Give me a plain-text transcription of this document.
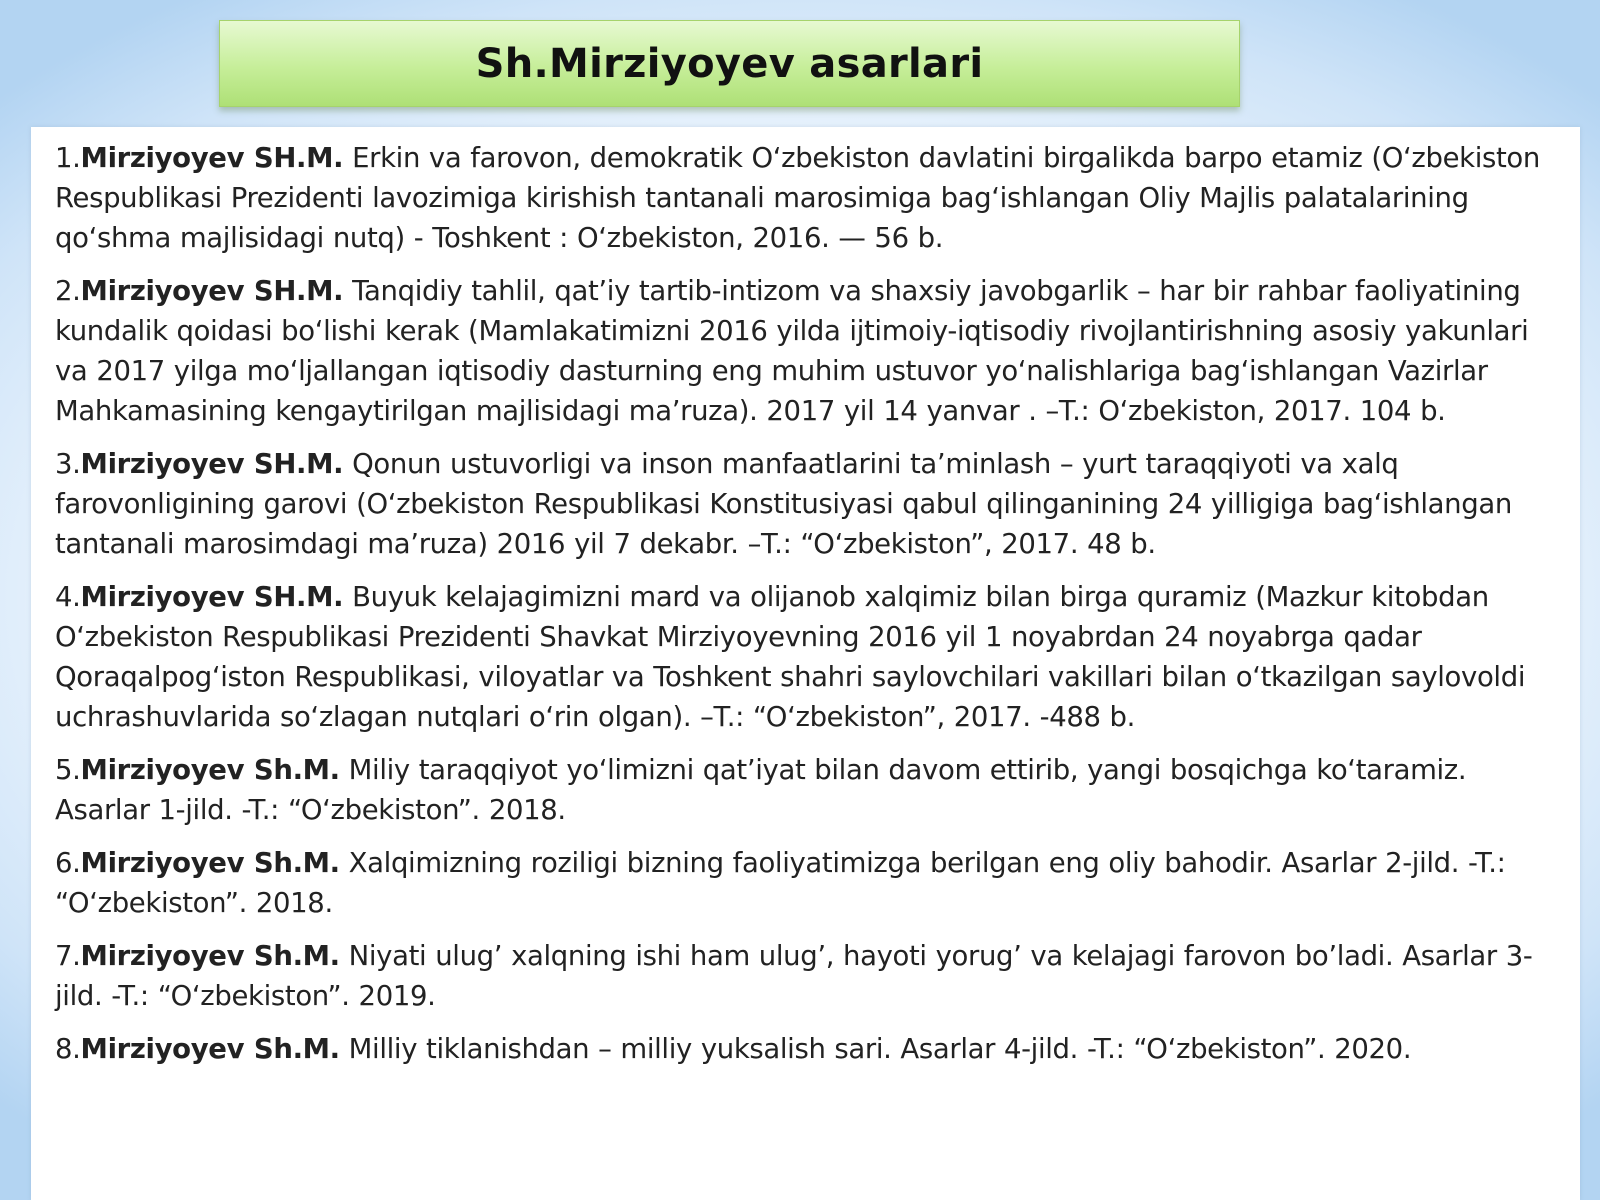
Sh.Mirziyoyev asarlari
1.Mirziyoyev SH.M. Erkin va farovon, demokratik O‘zbekiston davlatini birgalikda barpo etamiz (O‘zbekiston Respublikasi Prezidenti lavozimiga kirishish tantanali marosimiga bag‘ishlangan Oliy Majlis palatalarining qo‘shma majlisidagi nutq) - Toshkent : O‘zbekiston, 2016. — 56 b.
2.Mirziyoyev SH.M. Tanqidiy tahlil, qat’iy tartib-intizom va shaxsiy javobgarlik – har bir rahbar faoliyatining kundalik qoidasi bo‘lishi kerak (Mamlakatimizni 2016 yilda ijtimoiy-iqtisodiy rivojlantirishning asosiy yakunlari va 2017 yilga mo‘ljallangan iqtisodiy dasturning eng muhim ustuvor yo‘nalishlariga bag‘ishlangan Vazirlar Mahkamasining kengaytirilgan majlisidagi ma’ruza). 2017 yil 14 yanvar . –T.: O‘zbekiston, 2017. 104 b.
3.Mirziyoyev SH.M. Qonun ustuvorligi va inson manfaatlarini ta’minlash – yurt taraqqiyoti va xalq farovonligining garovi (O‘zbekiston Respublikasi Konstitusiyasi qabul qilinganining 24 yilligiga bag‘ishlangan tantanali marosimdagi ma’ruza) 2016 yil 7 dekabr. –T.: “O‘zbekiston”, 2017. 48 b.
4.Mirziyoyev SH.M. Buyuk kelajagimizni mard va olijanob xalqimiz bilan birga quramiz (Mazkur kitobdan O‘zbekiston Respublikasi Prezidenti Shavkat Mirziyoyevning 2016 yil 1 noyabrdan 24 noyabrga qadar Qoraqalpog‘iston Respublikasi, viloyatlar va Toshkent shahri saylovchilari vakillari bilan o‘tkazilgan saylovoldi uchrashuvlarida so‘zlagan nutqlari o‘rin olgan). –T.: “O‘zbekiston”, 2017. -488 b.
5.Mirziyoyev Sh.M. Miliy taraqqiyot yo‘limizni qat’iyat bilan davom ettirib, yangi bosqichga ko‘taramiz. Asarlar 1-jild. -T.: “O‘zbekiston”. 2018.
6.Mirziyoyev Sh.M. Xalqimizning roziligi bizning faoliyatimizga berilgan eng oliy bahodir. Asarlar 2-jild. -T.: “O‘zbekiston”. 2018.
7.Mirziyoyev Sh.M. Niyati ulug’ xalqning ishi ham ulug’, hayoti yorug’ va kelajagi farovon bo’ladi. Asarlar 3-jild. -T.: “O‘zbekiston”. 2019.
8.Mirziyoyev Sh.M. Milliy tiklanishdan – milliy yuksalish sari. Asarlar 4-jild. -T.: “O‘zbekiston”. 2020.
